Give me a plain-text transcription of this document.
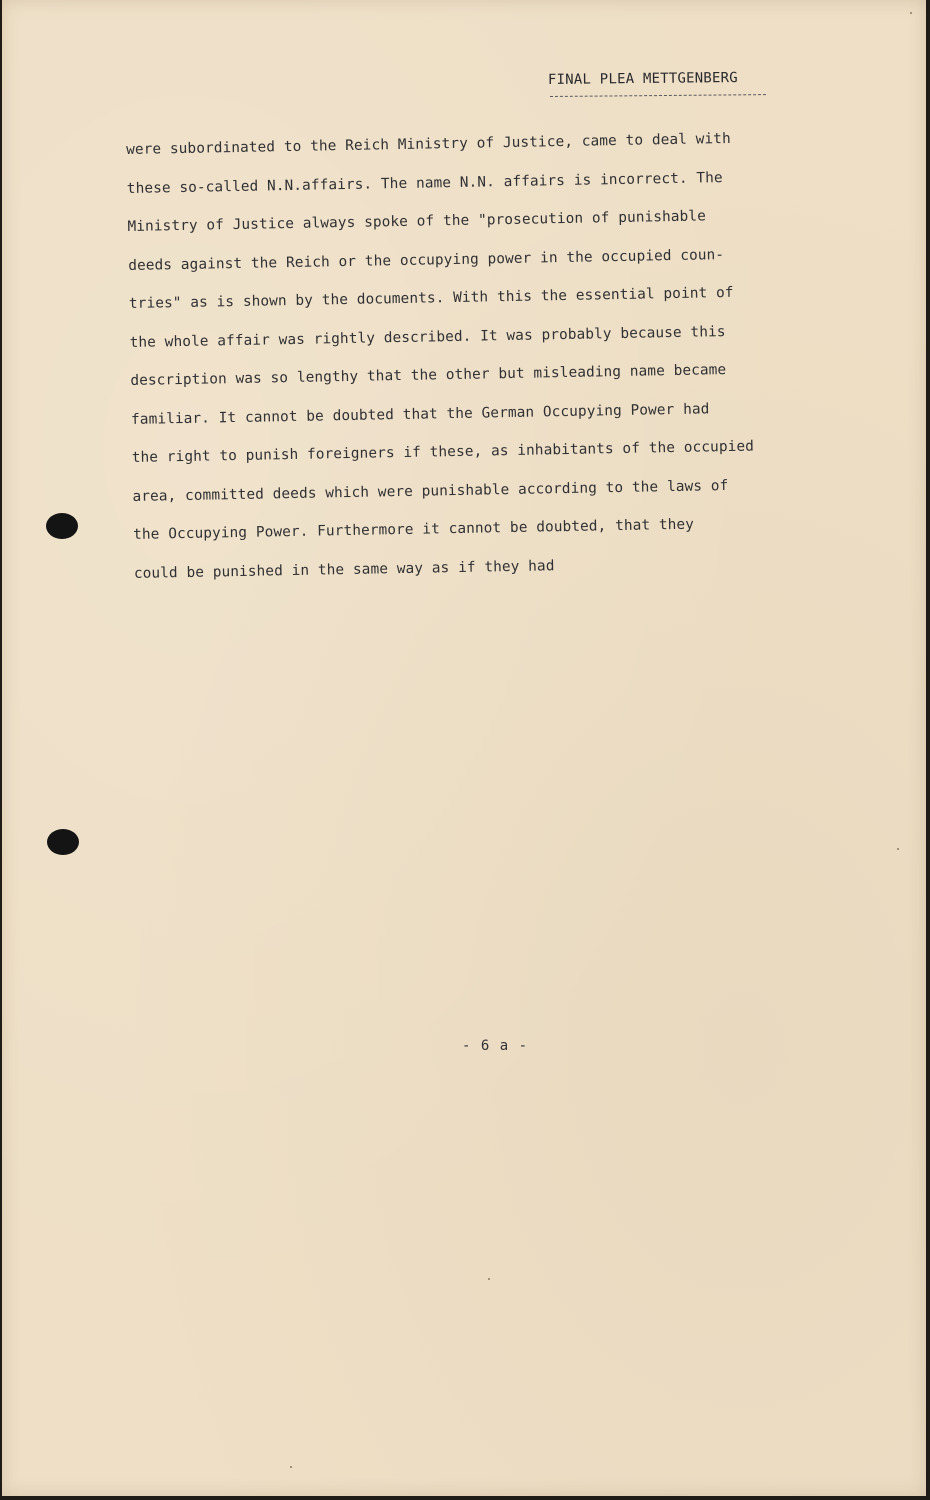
FINAL PLEA METTGENBERG
were subordinated to the Reich Ministry of Justice, came to deal with
these so-called N.N.affairs. The name N.N. affairs is incorrect. The
Ministry of Justice always spoke of the "prosecution of punishable
deeds against the Reich or the occupying power in the occupied coun-
tries" as is shown by the documents. With this the essential point of
the whole affair was rightly described. It was probably because this
description was so lengthy that the other but misleading name became
familiar. It cannot be doubted that the German Occupying Power had
the right to punish foreigners if these, as inhabitants of the occupied
area, committed deeds which were punishable according to the laws of
the Occupying Power. Furthermore it cannot be doubted, that they
could be punished in the same way as if they had
- 6 a -
